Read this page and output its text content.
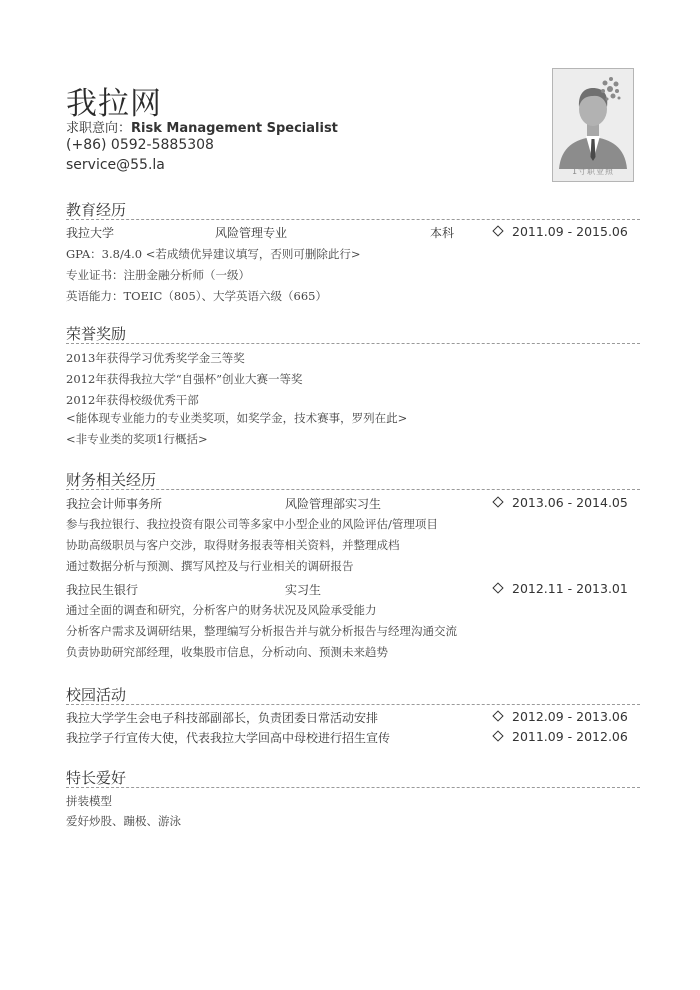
我拉网
求职意向：Risk Management Specialist
(+86) 0592-5885308
service@55.la	1寸职业照
教育经历
我拉大学	风险管理专业	本科	2011.09 - 2015.06
GPA：3.8/4.0 <若成绩优异建议填写，否则可删除此行>
专业证书：注册金融分析师（一级）
英语能力：TOEIC（805）、大学英语六级（665）
荣誉奖励
2013年获得学习优秀奖学金三等奖
2012年获得我拉大学“自强杯”创业大赛一等奖
2012年获得校级优秀干部
<能体现专业能力的专业类奖项，如奖学金，技术赛事，罗列在此>
<非专业类的奖项1行概括>
财务相关经历
我拉会计师事务所	风险管理部实习生	2013.06 - 2014.05
参与我拉银行、我拉投资有限公司等多家中小型企业的风险评估/管理项目
协助高级职员与客户交涉，取得财务报表等相关资料，并整理成档
通过数据分析与预测、撰写风控及与行业相关的调研报告
我拉民生银行	实习生	2012.11 - 2013.01
通过全面的调查和研究，分析客户的财务状况及风险承受能力
分析客户需求及调研结果，整理编写分析报告并与就分析报告与经理沟通交流
负责协助研究部经理，收集股市信息，分析动向、预测未来趋势
校园活动
我拉大学学生会电子科技部副部长，负责团委日常活动安排	2012.09 - 2013.06
我拉学子行宣传大使，代表我拉大学回高中母校进行招生宣传	2011.09 - 2012.06
特长爱好
拼装模型
爱好炒股、蹦极、游泳
